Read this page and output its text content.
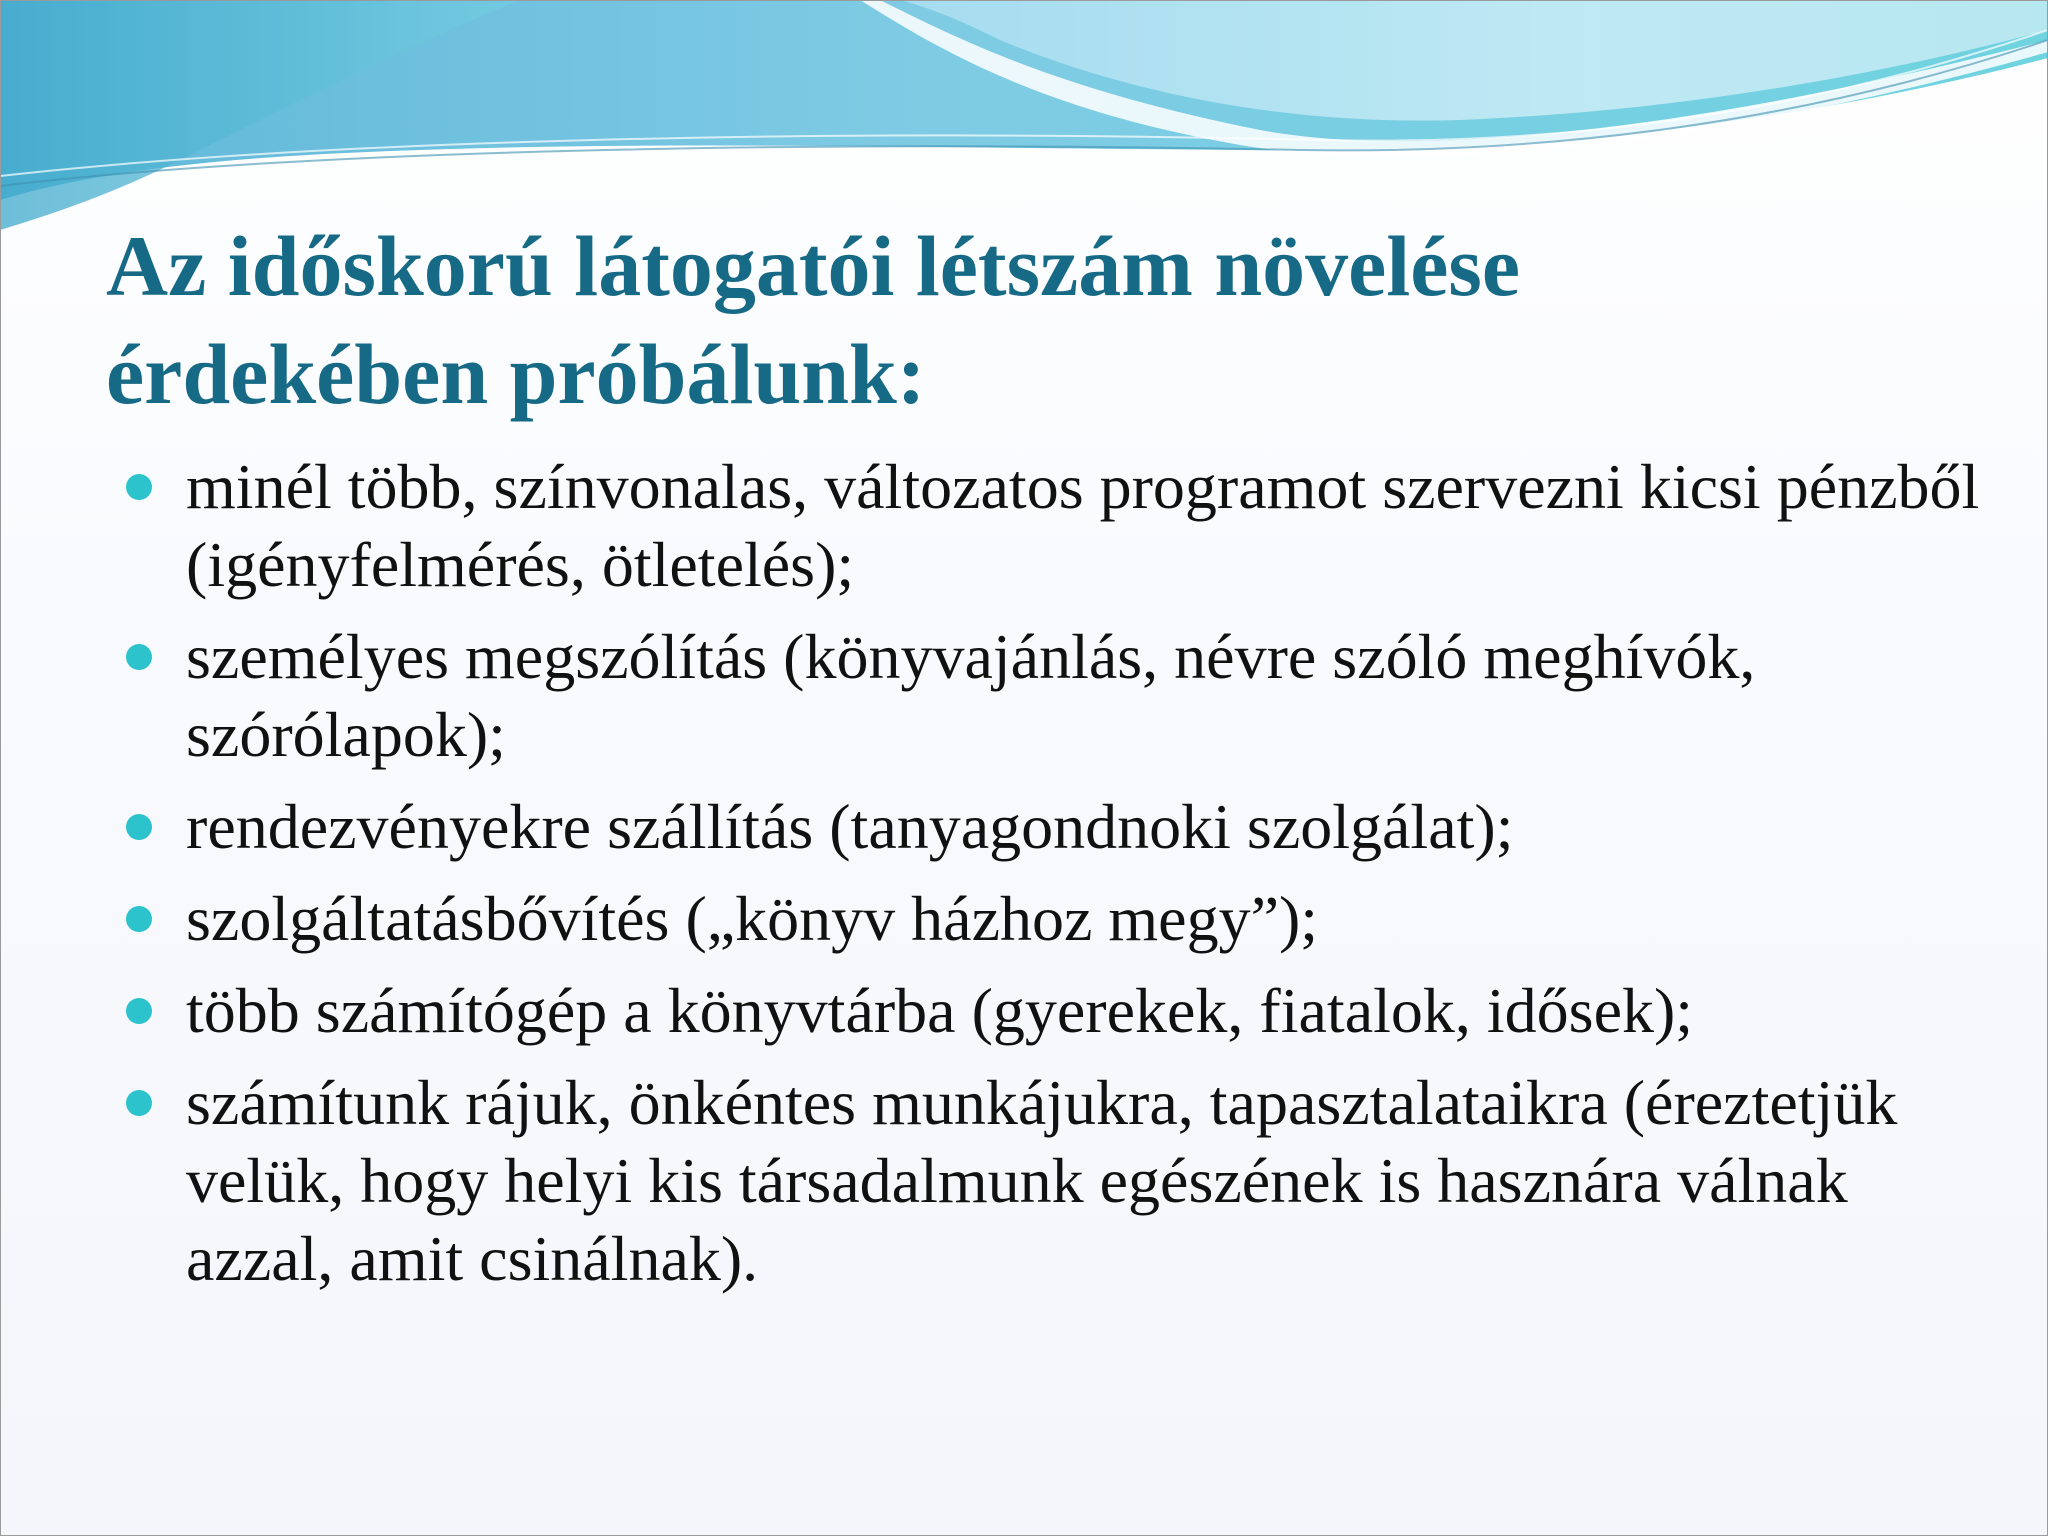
Az időskorú látogatói létszám növelése
érdekében próbálunk:
minél több, színvonalas, változatos programot szervezni kicsi pénzből (igényfelmérés, ötletelés);
személyes megszólítás (könyvajánlás, névre szóló meghívók, szórólapok);
rendezvényekre szállítás (tanyagondnoki szolgálat);
szolgáltatásbővítés („könyv házhoz megy”);
több számítógép a könyvtárba (gyerekek, fiatalok, idősek);
számítunk rájuk, önkéntes munkájukra, tapasztalataikra (éreztetjük velük, hogy helyi kis társadalmunk egészének is hasznára válnak azzal, amit csinálnak).
